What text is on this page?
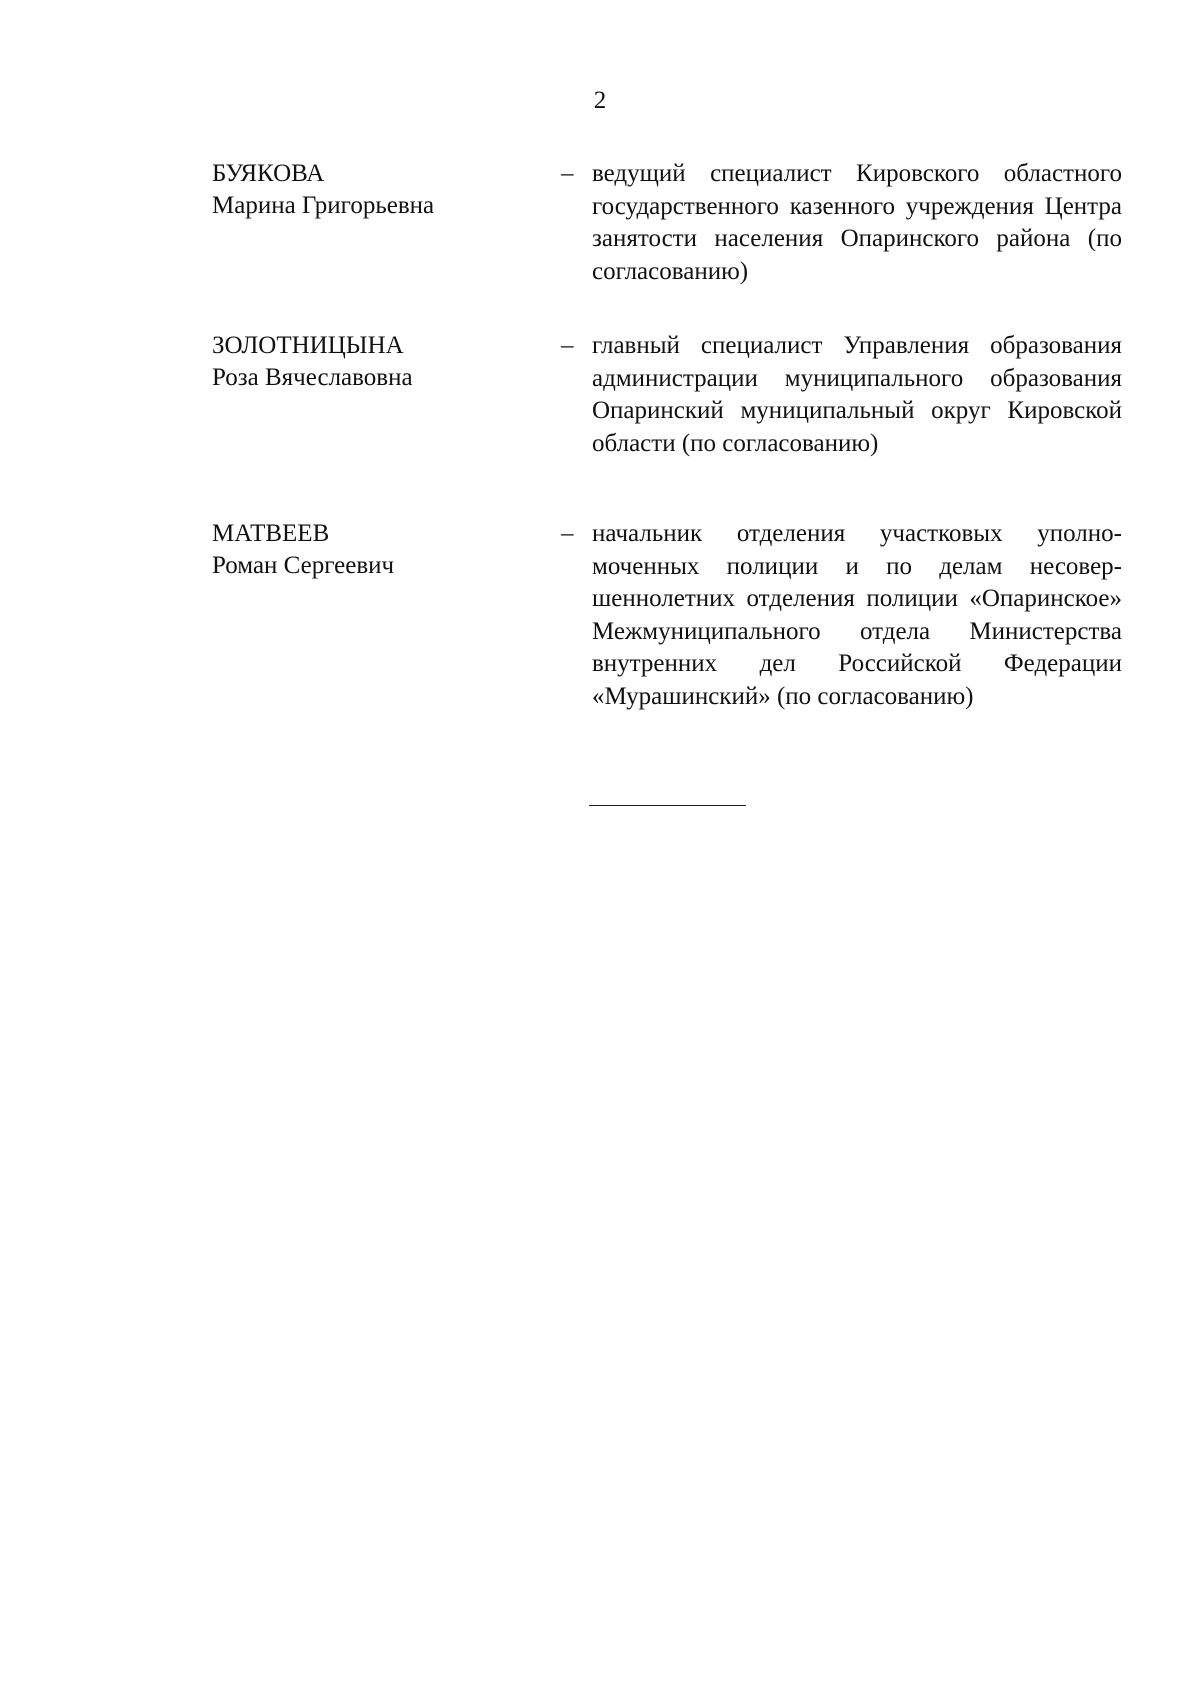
2
БУЯКОВА
Марина Григорьевна
– ведущий специалист Кировского областного государственного казенного учреждения Центра занятости населения Опаринского района (по согласованию)
ЗОЛОТНИЦЫНА
Роза Вячеславовна
– главный специалист Управления образования администрации муниципального образования Опаринский муниципальный округ Кировской области (по согласованию)
МАТВЕЕВ
Роман Сергеевич
– начальник отделения участковых уполномоченных полиции и по делам несовершеннолетних отделения полиции «Опаринское» Межмуниципального отдела Министерства внутренних дел Российской Федерации «Мурашинский» (по согласованию)
